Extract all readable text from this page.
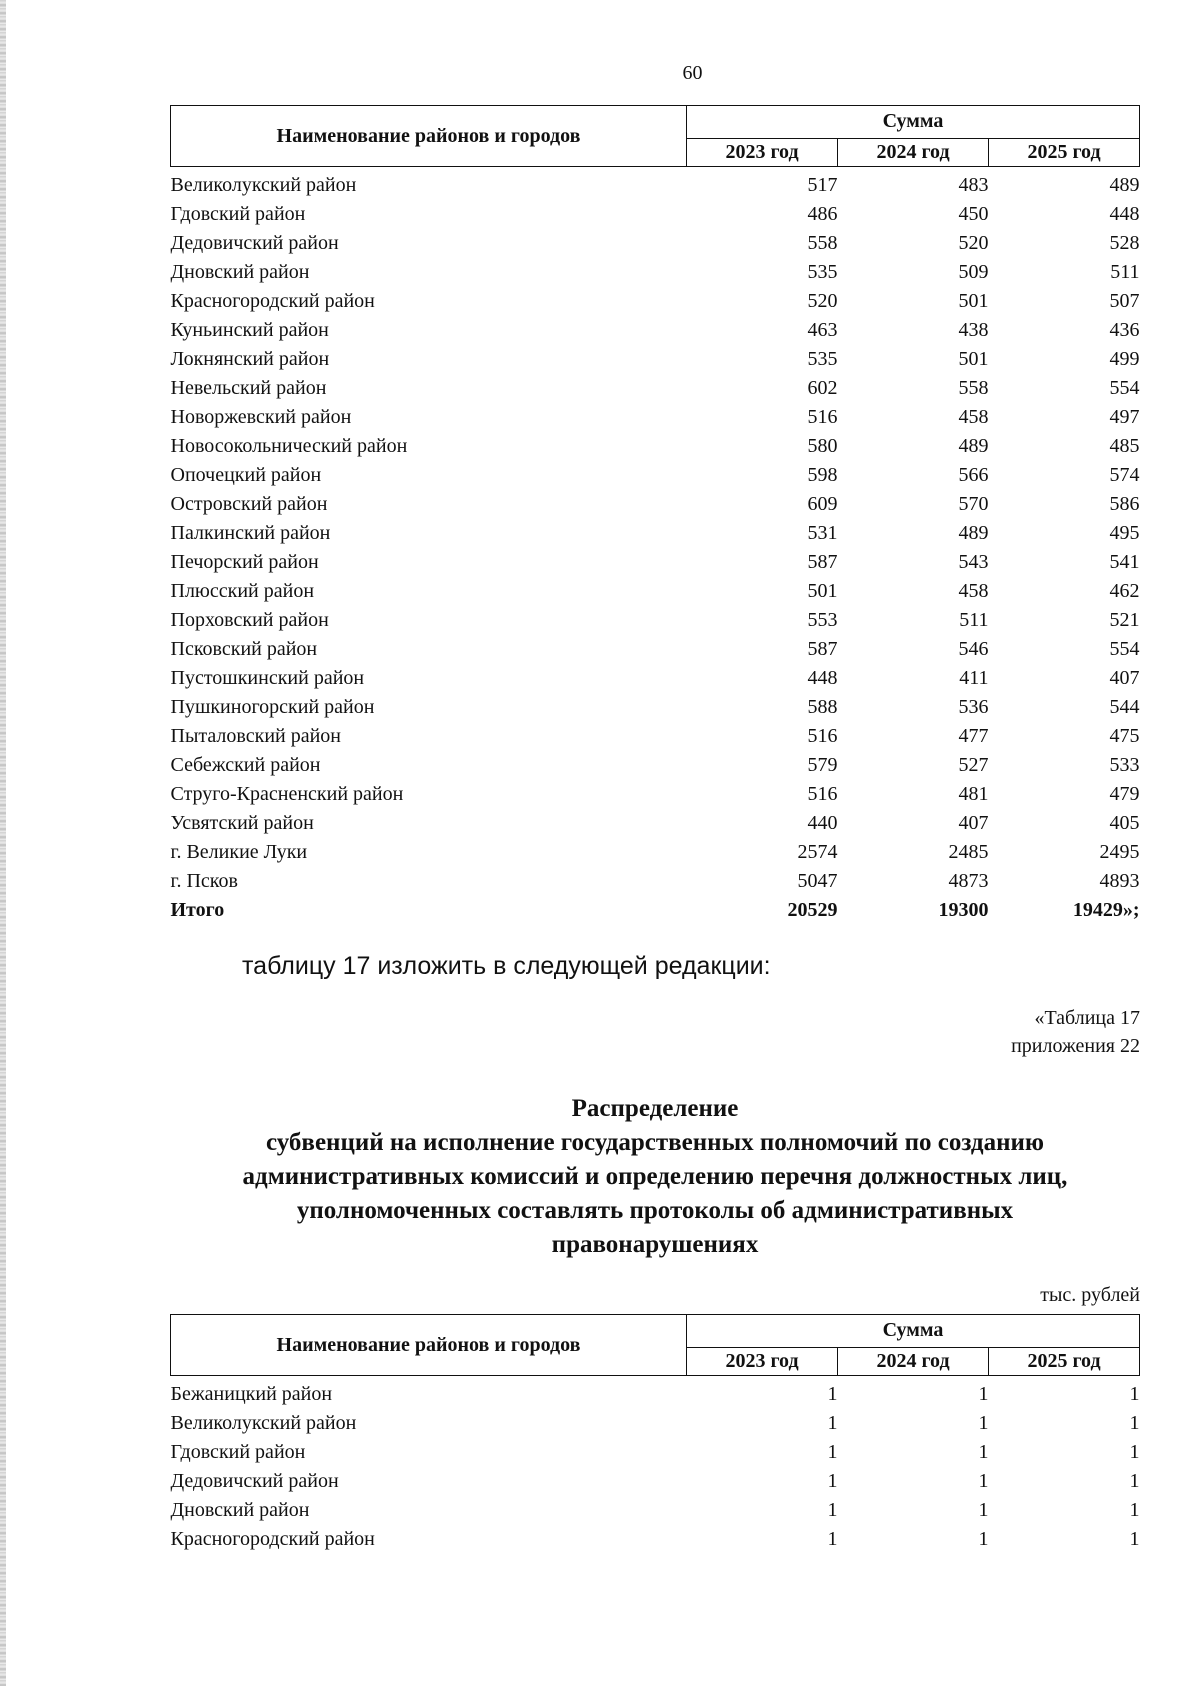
60
Наименование районов и городов	Сумма		
	2023 год	2024 год	2025 год
Великолукский район	517	483	489
Гдовский район	486	450	448
Дедовичский район	558	520	528
Дновский район	535	509	511
Красногородский район	520	501	507
Куньинский район	463	438	436
Локнянский район	535	501	499
Невельский район	602	558	554
Новоржевский район	516	458	497
Новосокольнический район	580	489	485
Опочецкий район	598	566	574
Островский район	609	570	586
Палкинский район	531	489	495
Печорский район	587	543	541
Плюсский район	501	458	462
Порховский район	553	511	521
Псковский район	587	546	554
Пустошкинский район	448	411	407
Пушкиногорский район	588	536	544
Пыталовский район	516	477	475
Себежский район	579	527	533
Струго-Красненский район	516	481	479
Усвятский район	440	407	405
г. Великие Луки	2574	2485	2495
г. Псков	5047	4873	4893
Итого	20529	19300	19429»;
таблицу 17 изложить в следующей редакции:
«Таблица 17
приложения 22
Распределение
субвенций на исполнение государственных полномочий по созданию
административных комиссий и определению перечня должностных лиц,
уполномоченных составлять протоколы об административных
правонарушениях
тыс. рублей
Наименование районов и городов	Сумма		
	2023 год	2024 год	2025 год
Бежаницкий район	1	1	1
Великолукский район	1	1	1
Гдовский район	1	1	1
Дедовичский район	1	1	1
Дновский район	1	1	1
Красногородский район	1	1	1
